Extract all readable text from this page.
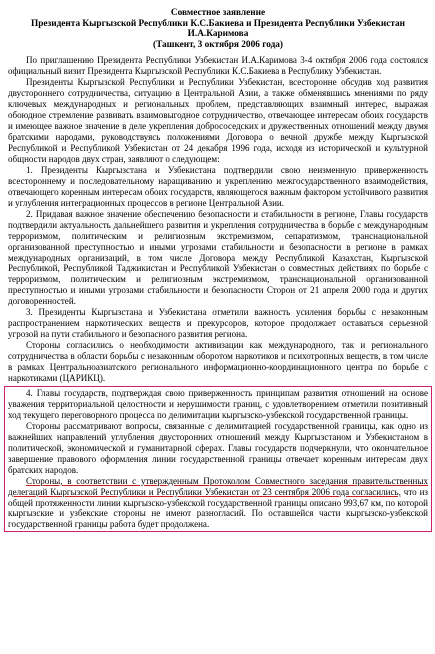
Совместное заявление
Президента Кыргызской Республики К.С.Бакиева и Президента Республики Узбекистан И.А.Каримова
(Ташкент, 3 октября 2006 года)

По приглашению Президента Республики Узбекистан И.А.Каримова 3-4 октября 2006 года состоялся официальный визит Президента Кыргызской Республики К.С.Бакиева в Республику Узбекистан.

Президенты Кыргызской Республики и Республики Узбекистан, всесторонне обсудив ход развития двустороннего сотрудничества, ситуацию в Центральной Азии, а также обменявшись мнениями по ряду ключевых международных и региональных проблем, представляющих взаимный интерес, выражая обоюдное стремление развивать взаимовыгодное сотрудничество, отвечающее интересам обоих государств и имеющее важное значение в деле укрепления добрососедских и дружественных отношений между двумя братскими народами, руководствуясь положениями Договора о вечной дружбе между Кыргызской Республикой и Республикой Узбекистан от 24 декабря 1996 года, исходя из исторической и культурной общности народов двух стран, заявляют о следующем:

1. Президенты Кыргызстана и Узбекистана подтвердили свою неизменную приверженность всестороннему и последовательному наращиванию и укреплению межгосударственного взаимодействия, отвечающего коренным интересам обоих государств, являющегося важным фактором устойчивого развития и углубления интеграционных процессов в регионе Центральной Азии.

2. Придавая важное значение обеспечению безопасности и стабильности в регионе, Главы государств подтвердили актуальность дальнейшего развития и укрепления сотрудничества в борьбе с международным терроризмом, политическим и религиозным экстремизмом, сепаратизмом, транснациональной организованной преступностью и иными угрозами стабильности и безопасности в регионе в рамках международных организаций, в том числе Договора между Республикой Казахстан, Кыргызской Республикой, Республикой Таджикистан и Республикой Узбекистан о совместных действиях по борьбе с терроризмом, политическим и религиозным экстремизмом, транснациональной организованной преступностью и иными угрозами стабильности и безопасности Сторон от 21 апреля 2000 года и других договоренностей.

3. Президенты Кыргызстана и Узбекистана отметили важность усиления борьбы с незаконным распространением наркотических веществ и прекурсоров, которое продолжает оставаться серьезной угрозой на пути стабильного и безопасного развития региона.

Стороны согласились о необходимости активизации как международного, так и регионального сотрудничества в области борьбы с незаконным оборотом наркотиков и психотропных веществ, в том числе в рамках Центральноазиатского регионального информационно-координационного центра по борьбе с наркотиками (ЦАРИКЦ).

4. Главы государств, подтверждая свою приверженность принципам развития отношений на основе уважения территориальной целостности и нерушимости границ, с удовлетворением отметили позитивный ход текущего переговорного процесса по делимитации кыргызско-узбекской государственной границы.

Стороны рассматривают вопросы, связанные с делимитацией государственной границы, как одно из важнейших направлений углубления двусторонних отношений между Кыргызстаном и Узбекистаном в политической, экономической и гуманитарной сферах. Главы государств подчеркнули, что окончательное завершение правового оформления линии государственной границы отвечает коренным интересам двух братских народов.

Стороны, в соответствии с утвержденным Протоколом Совместного заседания правительственных делегаций Кыргызской Республики и Республики Узбекистан от 23 сентября 2006 года согласились, что из общей протяженности линии кыргызско-узбекской государственной границы описано 993,67 км, по которой кыргызские и узбекские стороны не имеют разногласий. По оставшейся части кыргызско-узбекской государственной границы работа будет продолжена.
